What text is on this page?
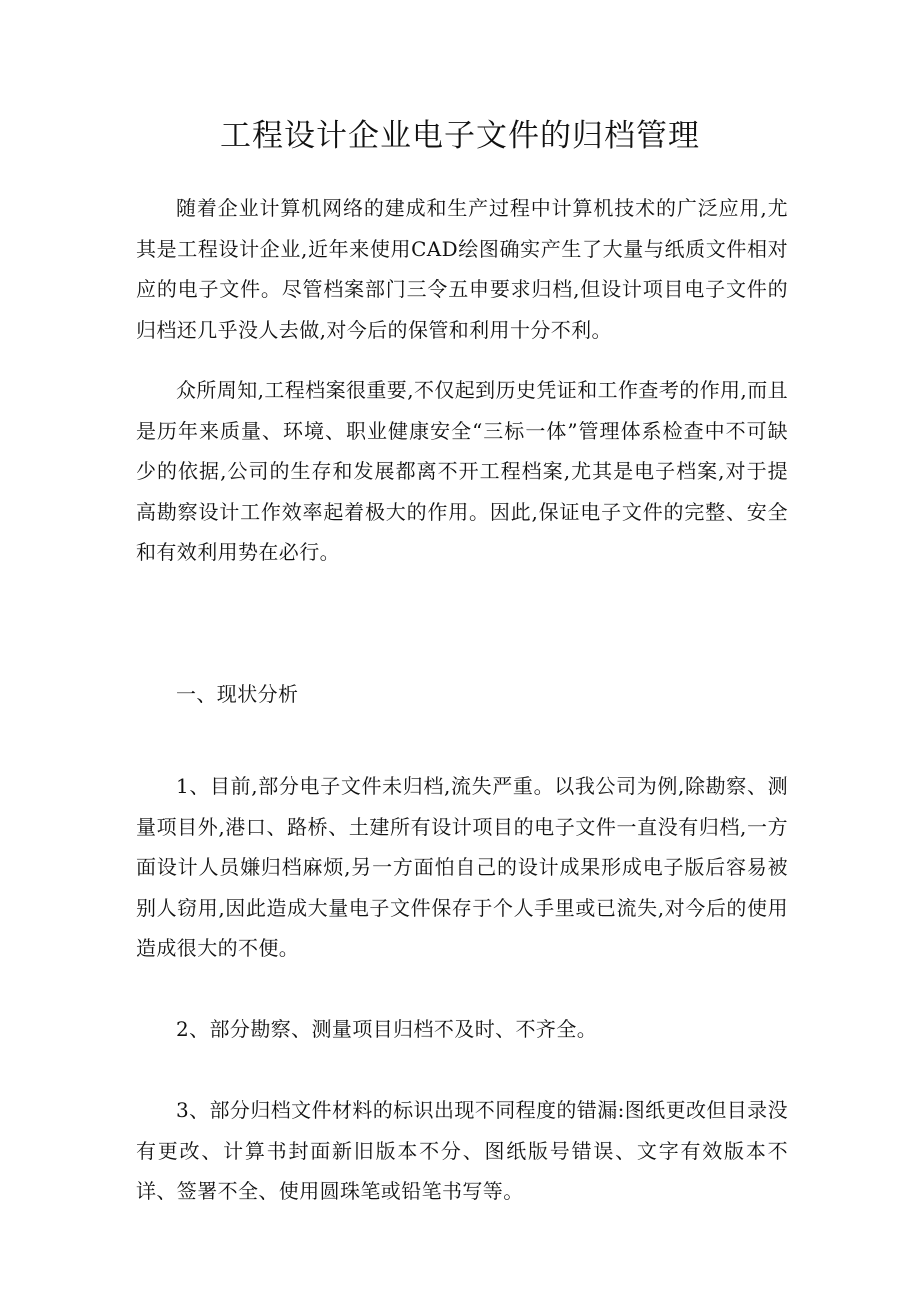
工程设计企业电子文件的归档管理

随着企业计算机网络的建成和生产过程中计算机技术的广泛应用,尤其是工程设计企业,近年来使用CAD绘图确实产生了大量与纸质文件相对应的电子文件。尽管档案部门三令五申要求归档,但设计项目电子文件的归档还几乎没人去做,对今后的保管和利用十分不利。

众所周知,工程档案很重要,不仅起到历史凭证和工作查考的作用,而且是历年来质量、环境、职业健康安全“三标一体”管理体系检查中不可缺少的依据,公司的生存和发展都离不开工程档案,尤其是电子档案,对于提高勘察设计工作效率起着极大的作用。因此,保证电子文件的完整、安全和有效利用势在必行。

一、现状分析

1、目前,部分电子文件未归档,流失严重。以我公司为例,除勘察、测量项目外,港口、路桥、土建所有设计项目的电子文件一直没有归档,一方面设计人员嫌归档麻烦,另一方面怕自己的设计成果形成电子版后容易被别人窃用,因此造成大量电子文件保存于个人手里或已流失,对今后的使用造成很大的不便。

2、部分勘察、测量项目归档不及时、不齐全。

3、部分归档文件材料的标识出现不同程度的错漏:图纸更改但目录没有更改、计算书封面新旧版本不分、图纸版号错误、文字有效版本不详、签署不全、使用圆珠笔或铅笔书写等。
